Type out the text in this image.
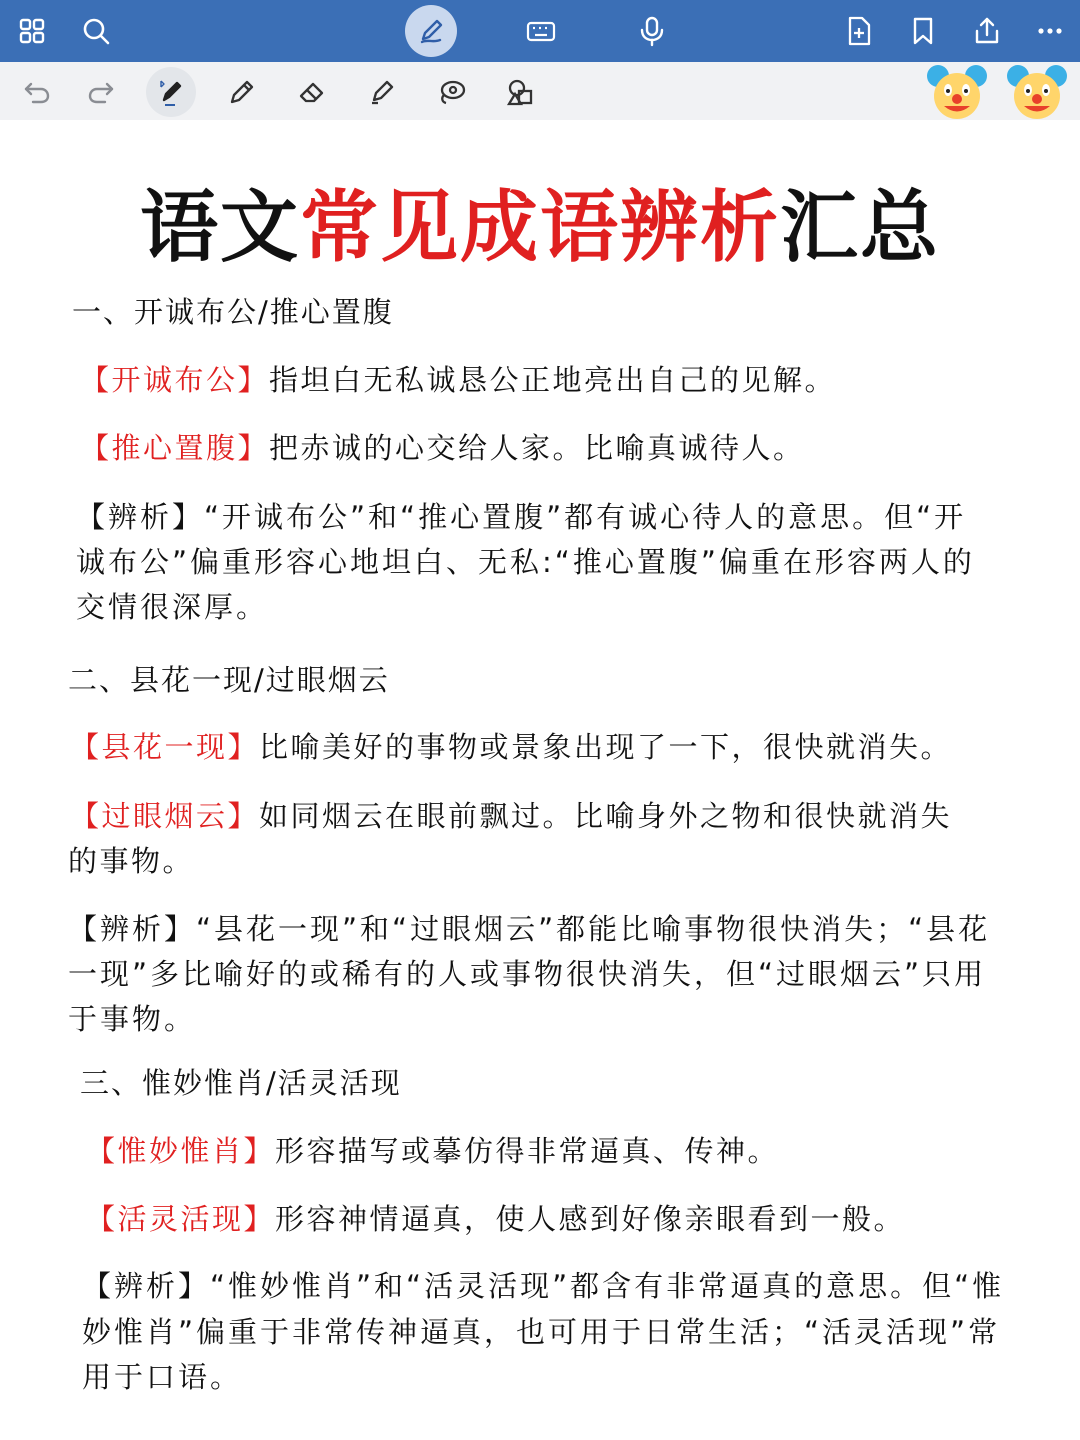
语文常见成语辨析汇总
一、开诚布公/推心置腹
【开诚布公】指坦白无私诚恳公正地亮出自己的见解。
【推心置腹】把赤诚的心交给人家。比喻真诚待人。
【辨析】“开诚布公”和“推心置腹”都有诚心待人的意思。但“开
诚布公”偏重形容心地坦白、无私:“推心置腹”偏重在形容两人的
交情很深厚。
二、县花一现/过眼烟云
【县花一现】比喻美好的事物或景象出现了一下，很快就消失。
【过眼烟云】如同烟云在眼前飘过。比喻身外之物和很快就消失
的事物。
【辨析】“县花一现”和“过眼烟云”都能比喻事物很快消失；“县花
一现”多比喻好的或稀有的人或事物很快消失，但“过眼烟云”只用
于事物。
三、惟妙惟肖/活灵活现
【惟妙惟肖】形容描写或摹仿得非常逼真、传神。
【活灵活现】形容神情逼真，使人感到好像亲眼看到一般。
【辨析】“惟妙惟肖”和“活灵活现”都含有非常逼真的意思。但“惟
妙惟肖”偏重于非常传神逼真，也可用于日常生活；“活灵活现”常
用于口语。
